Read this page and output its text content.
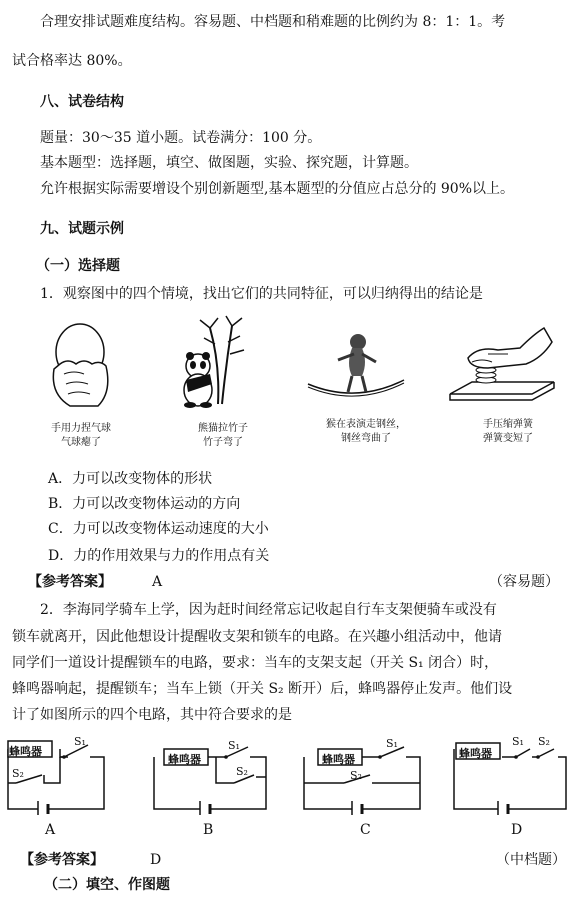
合理安排试题难度结构。容易题、中档题和稍难题的比例约为 8：1：1。考
试合格率达 80%。
八、试卷结构
题量：30～35 道小题。试卷满分：100 分。
基本题型：选择题，填空、做图题，实验、探究题，计算题。
允许根据实际需要增设个别创新题型,基本题型的分值应占总分的 90%以上。
九、试题示例
（一）选择题
1．观察图中的四个情境，找出它们的共同特征，可以归纳得出的结论是
手用力捏气球
气球瘪了
熊猫拉竹子
竹子弯了
猴在表演走钢丝，
钢丝弯曲了
手压缩弹簧
弹簧变短了
A．力可以改变物体的形状
B．力可以改变物体运动的方向
C．力可以改变物体运动速度的大小
D．力的作用效果与力的作用点有关
【参考答案】	A	（容易题）
2．李海同学骑车上学，因为赶时间经常忘记收起自行车支架便骑车或没有
锁车就离开，因此他想设计提醒收支架和锁车的电路。在兴趣小组活动中，他请
同学们一道设计提醒锁车的电路，要求：当车的支架支起（开关 S₁ 闭合）时，
蜂鸣器响起，提醒锁车；当车上锁（开关 S₂ 断开）后，蜂鸣器停止发声。他们设
计了如图所示的四个电路，其中符合要求的是
蜂鸣器
S₁
S₂
蜂鸣器
S₁
S₂
蜂鸣器
S₁
S₂
蜂鸣器
S₁ S₂
A	B	C	D
【参考答案】	D	（中档题）
（二）填空、作图题
